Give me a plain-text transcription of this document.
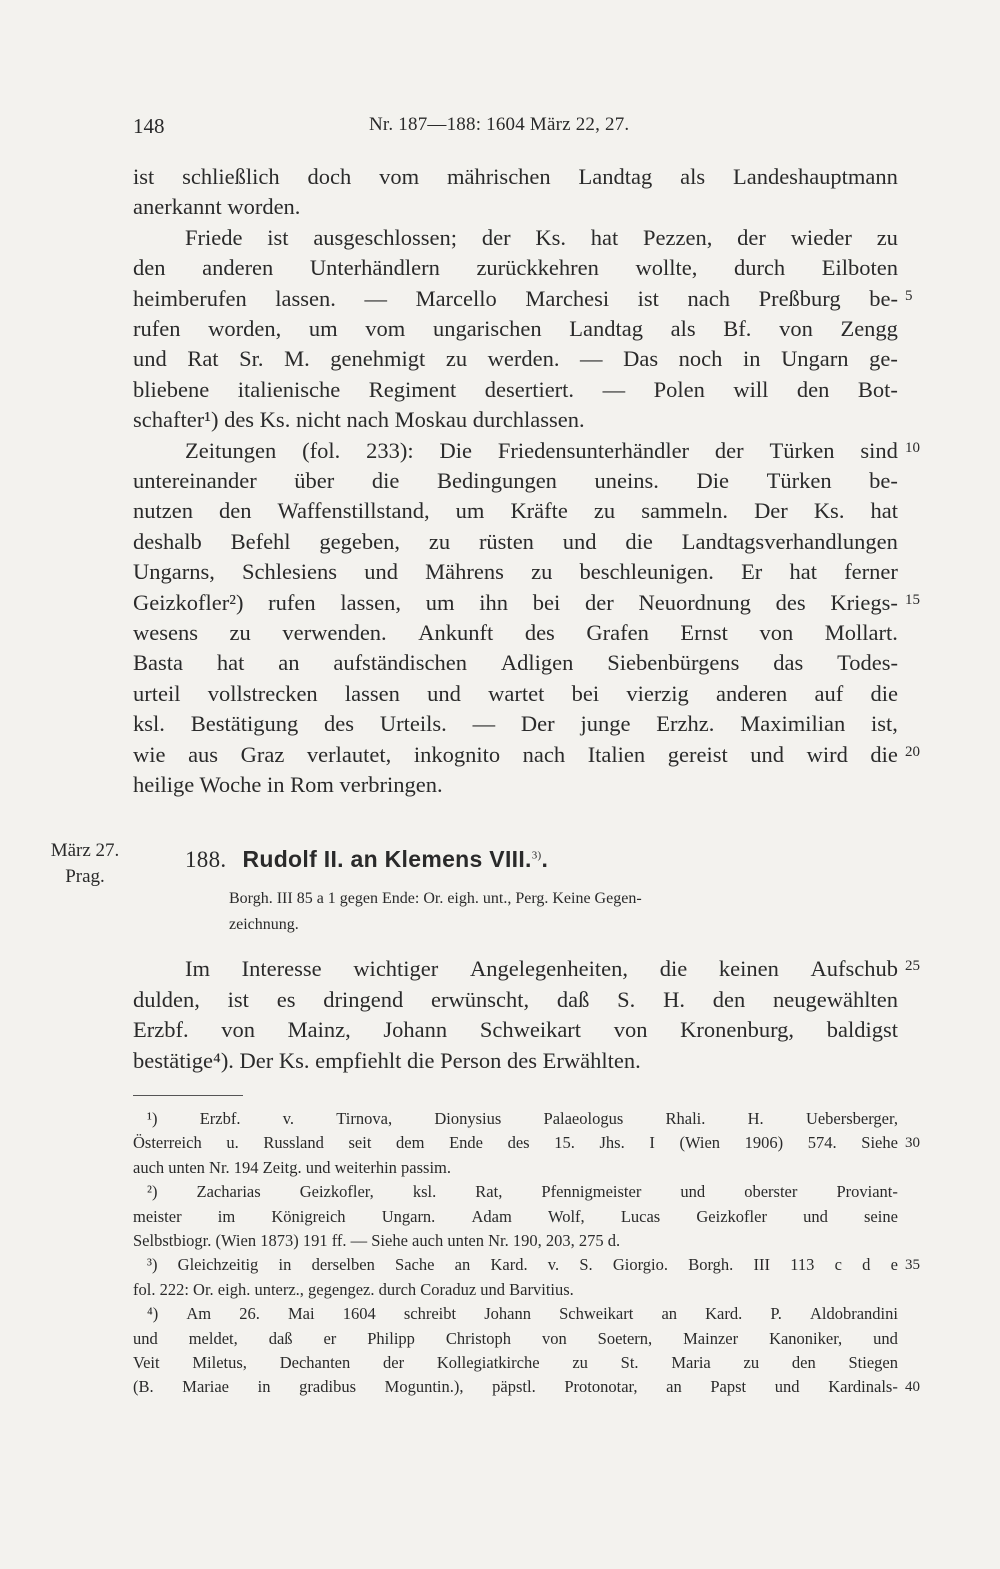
148	Nr. 187—188: 1604 März 22, 27.
ist schließlich doch vom mährischen Landtag als Landeshauptmann
anerkannt worden.
Friede ist ausgeschlossen; der Ks. hat Pezzen, der wieder zu
den anderen Unterhändlern zurückkehren wollte, durch Eilboten
heimberufen lassen. — Marcello Marchesi ist nach Preßburg be- 5
rufen worden, um vom ungarischen Landtag als Bf. von Zengg
und Rat Sr. M. genehmigt zu werden. — Das noch in Ungarn ge-
bliebene italienische Regiment desertiert. — Polen will den Bot-
schafter¹) des Ks. nicht nach Moskau durchlassen.
Zeitungen (fol. 233): Die Friedensunterhändler der Türken sind 10
untereinander über die Bedingungen uneins. Die Türken be-
nutzen den Waffenstillstand, um Kräfte zu sammeln. Der Ks. hat
deshalb Befehl gegeben, zu rüsten und die Landtagsverhandlungen
Ungarns, Schlesiens und Mährens zu beschleunigen. Er hat ferner
Geizkofler²) rufen lassen, um ihn bei der Neuordnung des Kriegs- 15
wesens zu verwenden. Ankunft des Grafen Ernst von Mollart.
Basta hat an aufständischen Adligen Siebenbürgens das Todes-
urteil vollstrecken lassen und wartet bei vierzig anderen auf die
ksl. Bestätigung des Urteils. — Der junge Erzhz. Maximilian ist,
wie aus Graz verlautet, inkognito nach Italien gereist und wird die 20
heilige Woche in Rom verbringen.
März 27.
Prag.
188. Rudolf II. an Klemens VIII.$^{3)}$.
Borgh. III 85 a 1 gegen Ende: Or. eigh. unt., Perg. Keine Gegen-
zeichnung.
Im Interesse wichtiger Angelegenheiten, die keinen Aufschub 25
dulden, ist es dringend erwünscht, daß S. H. den neugewählten
Erzbf. von Mainz, Johann Schweikart von Kronenburg, baldigst
bestätige⁴). Der Ks. empfiehlt die Person des Erwählten.
¹)	Erzbf.	v.	Tirnova,	Dionysius	Palaeologus	Rhali.	H.	Uebersberger,
Österreich u. Russland seit dem Ende des 15. Jhs. I (Wien 1906) 574. Siehe 30
auch unten Nr. 194 Zeitg. und weiterhin passim.
²) Zacharias Geizkofler, ksl. Rat, Pfennigmeister und oberster Proviant-
meister im Königreich Ungarn. Adam Wolf, Lucas Geizkofler und seine
Selbstbiogr. (Wien 1873) 191 ff. — Siehe auch unten Nr. 190, 203, 275 d.
³) Gleichzeitig in derselben Sache an Kard. v. S. Giorgio. Borgh. III 113 c d e 35
fol. 222: Or. eigh. unterz., gegengez. durch Coraduz und Barvitius.
⁴) Am 26. Mai 1604 schreibt Johann Schweikart an Kard. P. Aldobrandini
und meldet, daß er Philipp Christoph von Soetern, Mainzer Kanoniker, und
Veit Miletus, Dechanten der Kollegiatkirche zu St. Maria zu den Stiegen
(B. Mariae in gradibus Moguntin.), päpstl. Protonotar, an Papst und Kardinals- 40
